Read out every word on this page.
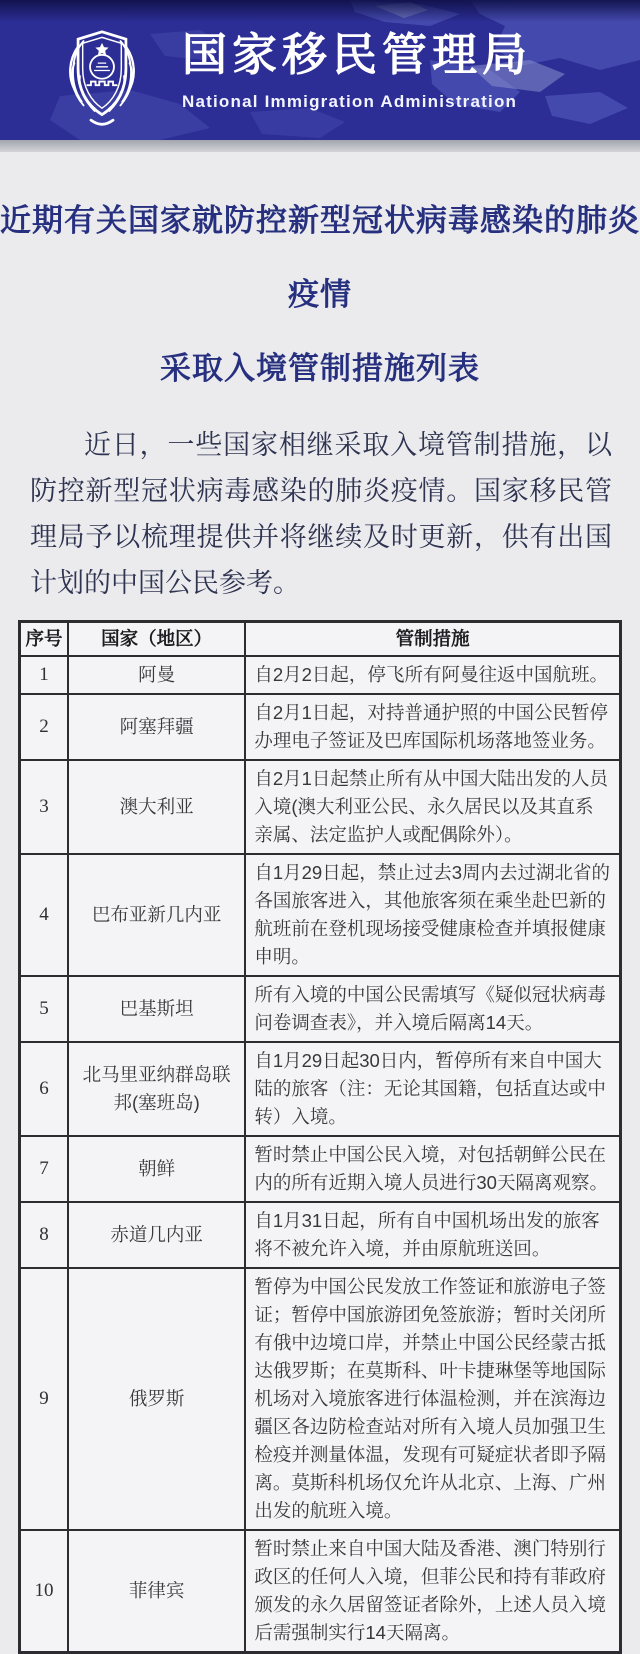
国家移民管理局
National Immigration Administration
近期有关国家就防控新型冠状病毒感染的肺炎疫情
采取入境管制措施列表

近日，一些国家相继采取入境管制措施，以防控新型冠状病毒感染的肺炎疫情。国家移民管理局予以梳理提供并将继续及时更新，供有出国计划的中国公民参考。

序号	国家（地区）	管制措施
1	阿曼	自2月2日起，停飞所有阿曼往返中国航班。
2	阿塞拜疆	自2月1日起，对持普通护照的中国公民暂停办理电子签证及巴库国际机场落地签业务。
3	澳大利亚	自2月1日起禁止所有从中国大陆出发的人员入境(澳大利亚公民、永久居民以及其直系亲属、法定监护人或配偶除外）。
4	巴布亚新几内亚	自1月29日起，禁止过去3周内去过湖北省的各国旅客进入，其他旅客须在乘坐赴巴新的航班前在登机现场接受健康检查并填报健康申明。
5	巴基斯坦	所有入境的中国公民需填写《疑似冠状病毒问卷调查表》，并入境后隔离14天。
6	北马里亚纳群岛联邦(塞班岛)	自1月29日起30日内，暂停所有来自中国大陆的旅客（注：无论其国籍，包括直达或中转）入境。
7	朝鲜	暂时禁止中国公民入境，对包括朝鲜公民在内的所有近期入境人员进行30天隔离观察。
8	赤道几内亚	自1月31日起，所有自中国机场出发的旅客将不被允许入境，并由原航班送回。
9	俄罗斯	暂停为中国公民发放工作签证和旅游电子签证；暂停中国旅游团免签旅游；暂时关闭所有俄中边境口岸，并禁止中国公民经蒙古抵达俄罗斯；在莫斯科、叶卡捷琳堡等地国际机场对入境旅客进行体温检测，并在滨海边疆区各边防检查站对所有入境人员加强卫生检疫并测量体温，发现有可疑症状者即予隔离。莫斯科机场仅允许从北京、上海、广州出发的航班入境。
10	菲律宾	暂时禁止来自中国大陆及香港、澳门特别行政区的任何人入境，但菲公民和持有菲政府颁发的永久居留签证者除外，上述人员入境后需强制实行14天隔离。
